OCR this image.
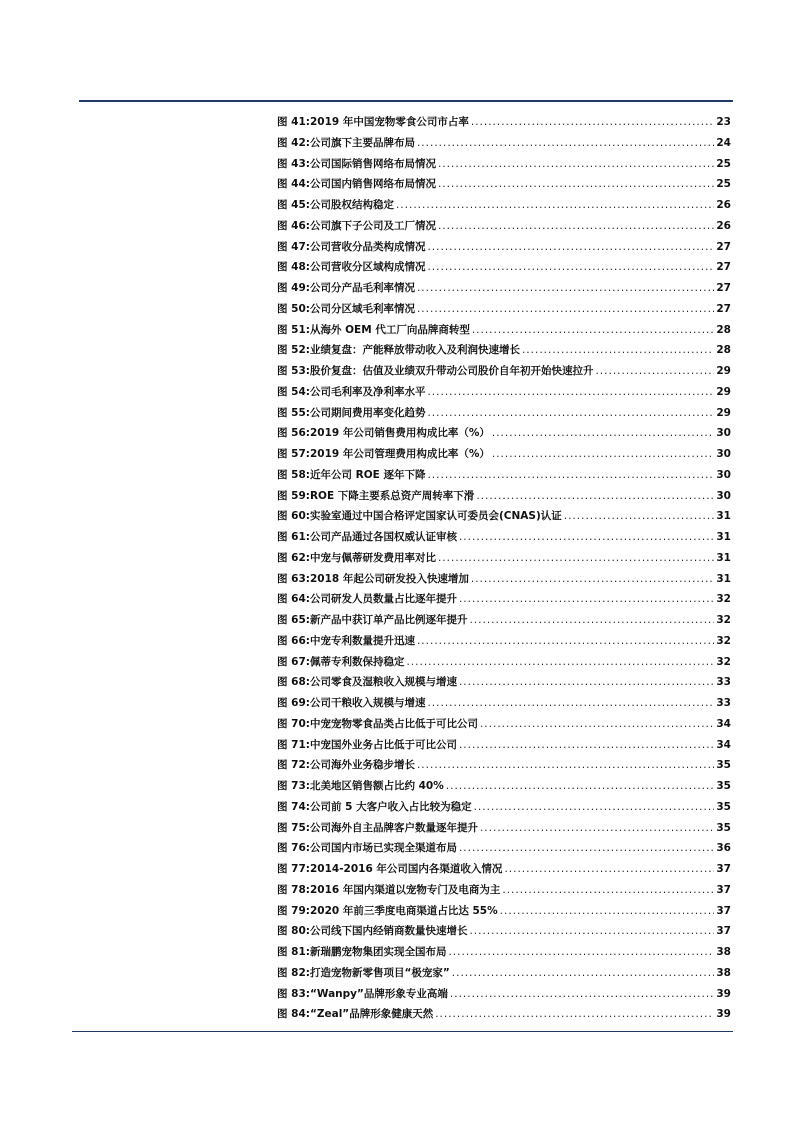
图 41: 2019 年中国宠物零食公司市占率 .....	23
图 42: 公司旗下主要品牌布局 .....	24
图 43: 公司国际销售网络布局情况 .....	25
图 44: 公司国内销售网络布局情况 .....	25
图 45: 公司股权结构稳定 .....	26
图 46: 公司旗下子公司及工厂情况 .....	26
图 47: 公司营收分品类构成情况 .....	27
图 48: 公司营收分区域构成情况 .....	27
图 49: 公司分产品毛利率情况 .....	27
图 50: 公司分区域毛利率情况 .....	27
图 51: 从海外 OEM 代工厂向品牌商转型 .....	28
图 52: 业绩复盘：产能释放带动收入及利润快速增长 .....	28
图 53: 股价复盘：估值及业绩双升带动公司股价自年初开始快速拉升 .....	29
图 54: 公司毛利率及净利率水平 .....	29
图 55: 公司期间费用率变化趋势 .....	29
图 56: 2019 年公司销售费用构成比率（%） .....	30
图 57: 2019 年公司管理费用构成比率（%） .....	30
图 58: 近年公司 ROE 逐年下降 .....	30
图 59: ROE 下降主要系总资产周转率下滑 .....	30
图 60: 实验室通过中国合格评定国家认可委员会(CNAS)认证 .....	31
图 61: 公司产品通过各国权威认证审核 .....	31
图 62: 中宠与佩蒂研发费用率对比 .....	31
图 63: 2018 年起公司研发投入快速增加 .....	31
图 64: 公司研发人员数量占比逐年提升 .....	32
图 65: 新产品中获订单产品比例逐年提升 .....	32
图 66: 中宠专利数量提升迅速 .....	32
图 67: 佩蒂专利数保持稳定 .....	32
图 68: 公司零食及湿粮收入规模与增速 .....	33
图 69: 公司干粮收入规模与增速 .....	33
图 70: 中宠宠物零食品类占比低于可比公司 .....	34
图 71: 中宠国外业务占比低于可比公司 .....	34
图 72: 公司海外业务稳步增长 .....	35
图 73: 北美地区销售额占比约 40% .....	35
图 74: 公司前 5 大客户收入占比较为稳定 .....	35
图 75: 公司海外自主品牌客户数量逐年提升 .....	35
图 76: 公司国内市场已实现全渠道布局 .....	36
图 77: 2014-2016 年公司国内各渠道收入情况 .....	37
图 78: 2016 年国内渠道以宠物专门及电商为主 .....	37
图 79: 2020 年前三季度电商渠道占比达 55% .....	37
图 80: 公司线下国内经销商数量快速增长 .....	37
图 81: 新瑞鹏宠物集团实现全国布局 .....	38
图 82: 打造宠物新零售项目“极宠家” .....	38
图 83: “Wanpy”品牌形象专业高端 .....	39
图 84: “Zeal”品牌形象健康天然 .....	39
